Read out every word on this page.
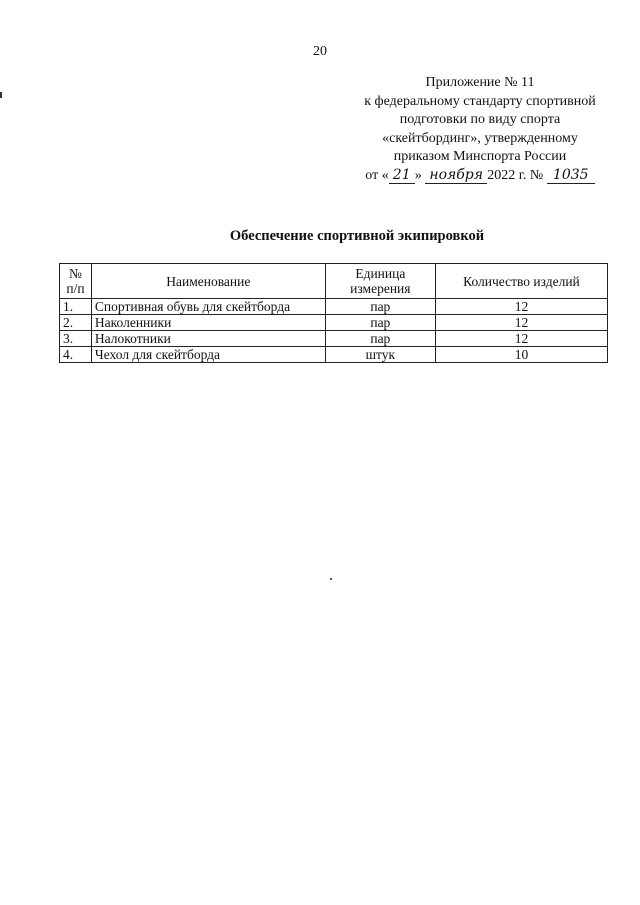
20
Приложение № 11
к федеральному стандарту спортивной
подготовки по виду спорта
«скейтбординг», утвержденному
приказом Минспорта России
от « 21 » ноября 2022 г. № 1035
Обеспечение спортивной экипировкой
№ п/п	Наименование	Единица измерения	Количество изделий
1.	Спортивная обувь для скейтборда	пар	12
2.	Наколенники	пар	12
3.	Налокотники	пар	12
4.	Чехол для скейтборда	штук	10
